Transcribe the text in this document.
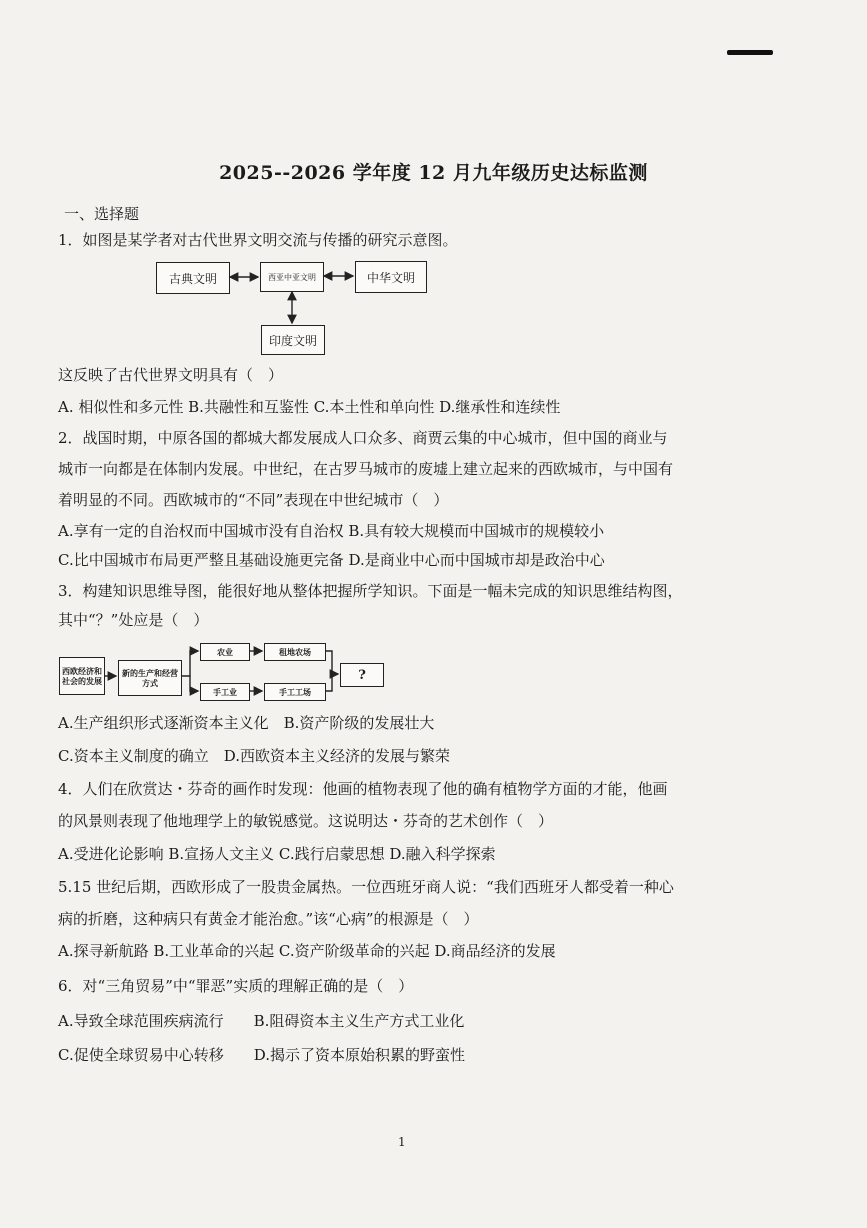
2025--2026 学年度 12 月九年级历史达标监测
一、选择题
1．如图是某学者对古代世界文明交流与传播的研究示意图。
古典文明	西亚中亚文明	中华文明
印度文明
这反映了古代世界文明具有（　）
A. 相似性和多元性 B.共融性和互鉴性 C.本土性和单向性 D.继承性和连续性
2．战国时期，中原各国的都城大都发展成人口众多、商贾云集的中心城市，但中国的商业与
城市一向都是在体制内发展。中世纪，在古罗马城市的废墟上建立起来的西欧城市，与中国有
着明显的不同。西欧城市的“不同”表现在中世纪城市（　）
A.享有一定的自治权而中国城市没有自治权 B.具有较大规模而中国城市的规模较小
C.比中国城市布局更严整且基础设施更完备 D.是商业中心而中国城市却是政治中心
3．构建知识思维导图，能很好地从整体把握所学知识。下面是一幅未完成的知识思维结构图，
其中“？”处应是（　）
西欧经济和社会的发展
新的生产和经营方式
农业	租地农场
手工业	手工工场
?
A.生产组织形式逐渐资本主义化　B.资产阶级的发展壮大
C.资本主义制度的确立　D.西欧资本主义经济的发展与繁荣
4．人们在欣赏达・芬奇的画作时发现：他画的植物表现了他的确有植物学方面的才能，他画
的风景则表现了他地理学上的敏锐感觉。这说明达・芬奇的艺术创作（　）
A.受进化论影响 B.宣扬人文主义 C.践行启蒙思想 D.融入科学探索
5.15 世纪后期，西欧形成了一股贵金属热。一位西班牙商人说：“我们西班牙人都受着一种心
病的折磨，这种病只有黄金才能治愈。”该“心病”的根源是（　）
A.探寻新航路 B.工业革命的兴起 C.资产阶级革命的兴起 D.商品经济的发展
6．对“三角贸易”中“罪恶”实质的理解正确的是（　）
A.导致全球范围疾病流行　　B.阻碍资本主义生产方式工业化
C.促使全球贸易中心转移　　D.揭示了资本原始积累的野蛮性
1
